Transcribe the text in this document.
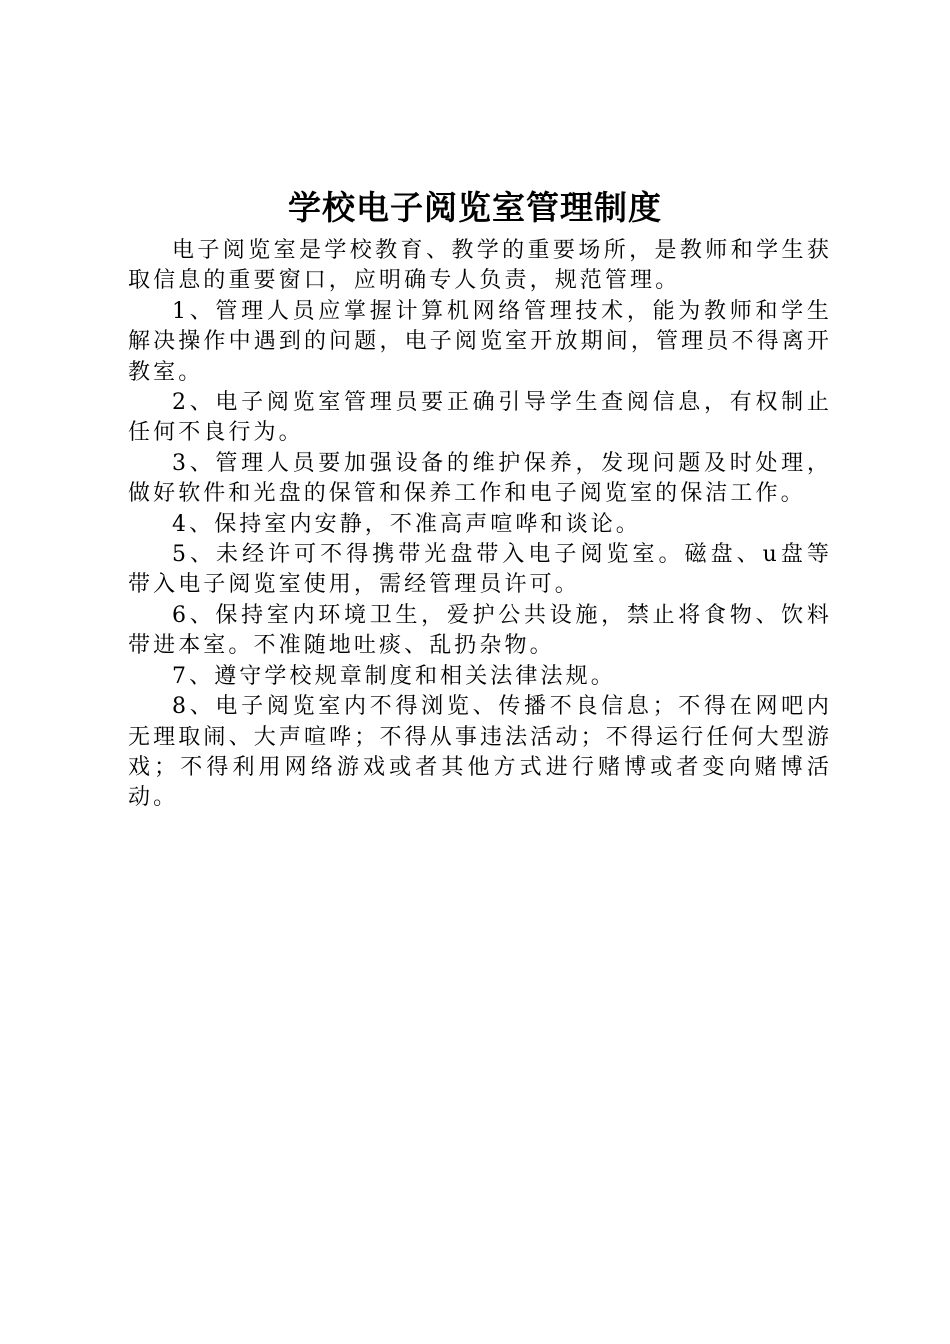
学校电子阅览室管理制度

电子阅览室是学校教育、教学的重要场所，是教师和学生获取信息的重要窗口，应明确专人负责，规范管理。

1、管理人员应掌握计算机网络管理技术，能为教师和学生解决操作中遇到的问题，电子阅览室开放期间，管理员不得离开教室。

2、电子阅览室管理员要正确引导学生查阅信息，有权制止任何不良行为。

3、管理人员要加强设备的维护保养，发现问题及时处理，做好软件和光盘的保管和保养工作和电子阅览室的保洁工作。

4、保持室内安静，不准高声喧哗和谈论。

5、未经许可不得携带光盘带入电子阅览室。磁盘、u盘等带入电子阅览室使用，需经管理员许可。

6、保持室内环境卫生，爱护公共设施，禁止将食物、饮料带进本室。不准随地吐痰、乱扔杂物。

7、遵守学校规章制度和相关法律法规。

8、电子阅览室内不得浏览、传播不良信息；不得在网吧内无理取闹、大声喧哗；不得从事违法活动；不得运行任何大型游戏；不得利用网络游戏或者其他方式进行赌博或者变向赌博活动。
